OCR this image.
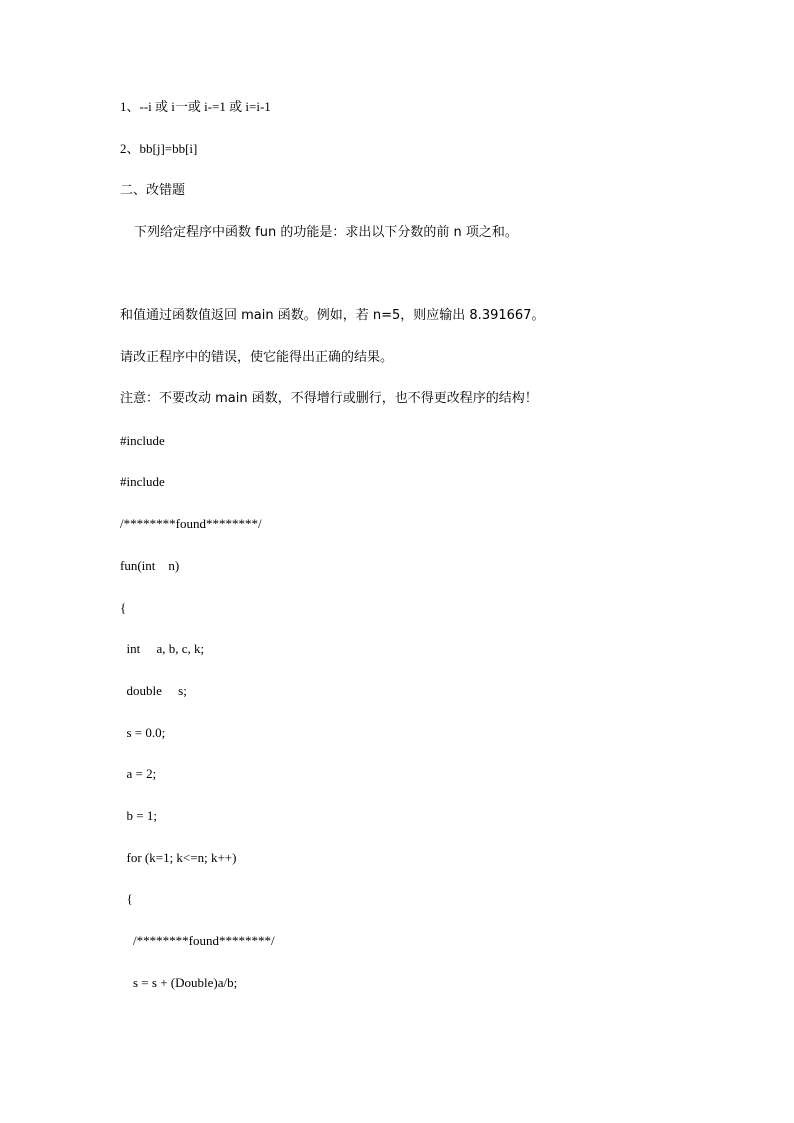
1、--i 或 i一或 i-=1 或 i=i-1
2、bb[j]=bb[i]
二、改错题
下列给定程序中函数 fun 的功能是：求出以下分数的前 n 项之和。
和值通过函数值返回 main 函数。例如，若 n=5，则应输出 8.391667。
请改正程序中的错误，使它能得出正确的结果。
注意：不要改动 main 函数，不得增行或删行，也不得更改程序的结构！
#include
#include
/********found********/
fun(int    n)
{
int     a, b, c, k;
double     s;
s = 0.0;
a = 2;
b = 1;
for (k=1; k<=n; k++)
{
/********found********/
s = s + (Double)a/b;
